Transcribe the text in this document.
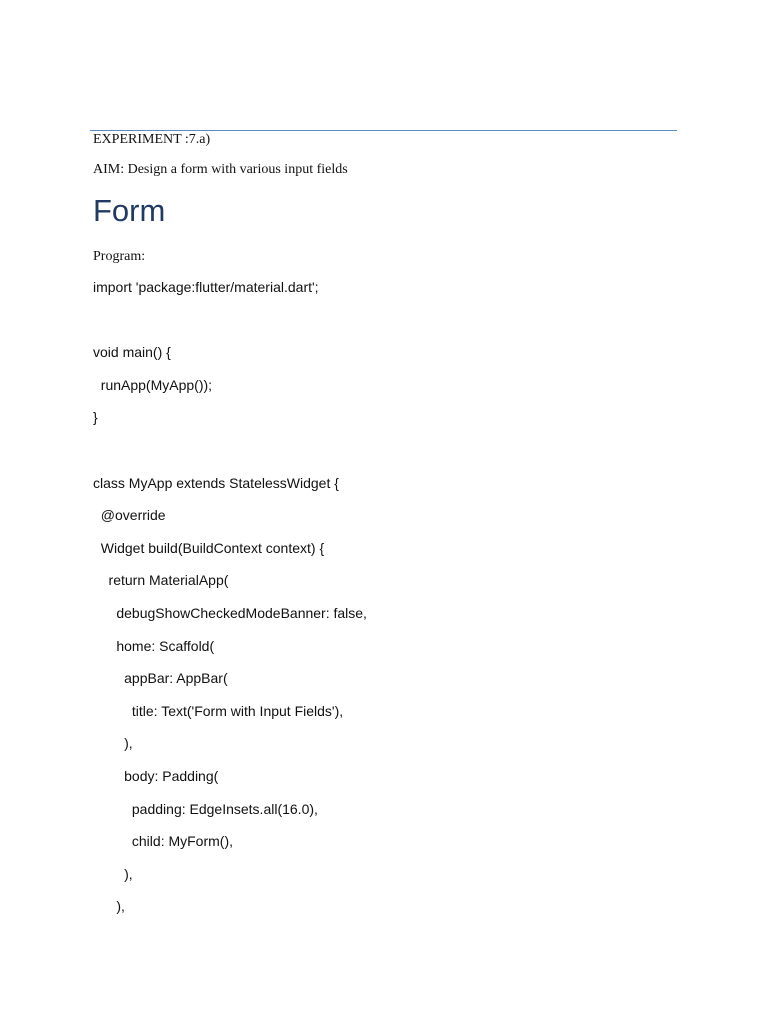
EXPERIMENT :7.a)
AIM: Design a form with various input fields
Form
Program:
import 'package:flutter/material.dart';
void main() {
runApp(MyApp());
}
class MyApp extends StatelessWidget {
@override
Widget build(BuildContext context) {
return MaterialApp(
debugShowCheckedModeBanner: false,
home: Scaffold(
appBar: AppBar(
title: Text('Form with Input Fields'),
),
body: Padding(
padding: EdgeInsets.all(16.0),
child: MyForm(),
),
),
